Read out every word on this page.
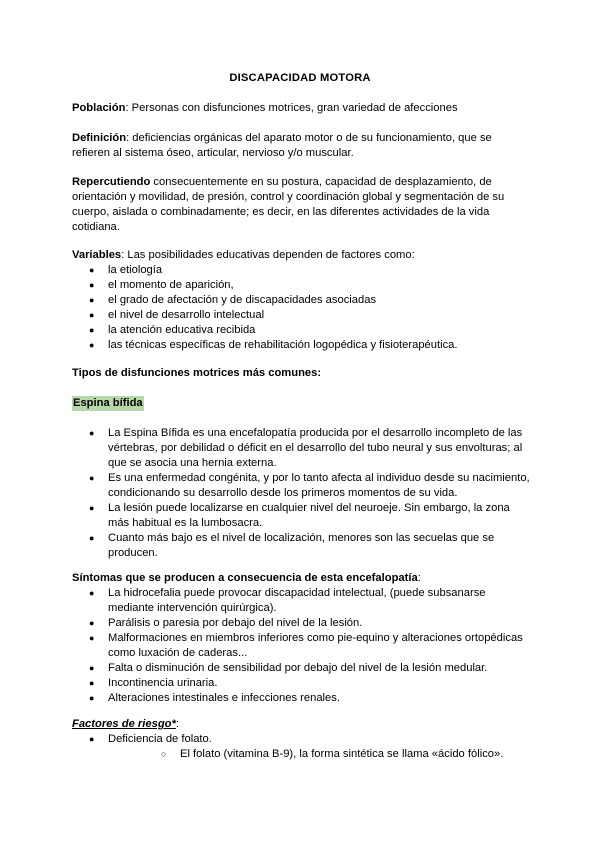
DISCAPACIDAD MOTORA

Población: Personas con disfunciones motrices, gran variedad de afecciones

Definición: deficiencias orgánicas del aparato motor o de su funcionamiento, que se refieren al sistema óseo, articular, nervioso y/o muscular.

Repercutiendo consecuentemente en su postura, capacidad de desplazamiento, de orientación y movilidad, de presión, control y coordinación global y segmentación de su cuerpo, aislada o combinadamente; es decir, en las diferentes actividades de la vida cotidiana.

Variables: Las posibilidades educativas dependen de factores como:

● la etiología
● el momento de aparición,
● el grado de afectación y de discapacidades asociadas
● el nivel de desarrollo intelectual
● la atención educativa recibida
● las técnicas específicas de rehabilitación logopédica y fisioterapéutica.

Tipos de disfunciones motrices más comunes:

Espina bífida

● La Espina Bífida es una encefalopatía producida por el desarrollo incompleto de las vértebras, por debilidad o déficit en el desarrollo del tubo neural y sus envolturas; al que se asocia una hernia externa.
● Es una enfermedad congénita, y por lo tanto afecta al individuo desde su nacimiento, condicionando su desarrollo desde los primeros momentos de su vida.
● La lesión puede localizarse en cualquier nivel del neuroeje. Sin embargo, la zona más habitual es la lumbosacra.
● Cuanto más bajo es el nivel de localización, menores son las secuelas que se producen.

Síntomas que se producen a consecuencia de esta encefalopatía:

● La hidrocefalia puede provocar discapacidad intelectual, (puede subsanarse mediante intervención quirúrgica).
● Parálisis o paresia por debajo del nivel de la lesión.
● Malformaciones en miembros inferiores como pie-equino y alteraciones ortopédicas como luxación de caderas...
● Falta o disminución de sensibilidad por debajo del nivel de la lesión medular.
● Incontinencia urinaria.
● Alteraciones intestinales e infecciones renales.

Factores de riesgo*:

● Deficiencia de folato.
○ El folato (vitamina B-9), la forma sintética se llama «ácido fólico».
